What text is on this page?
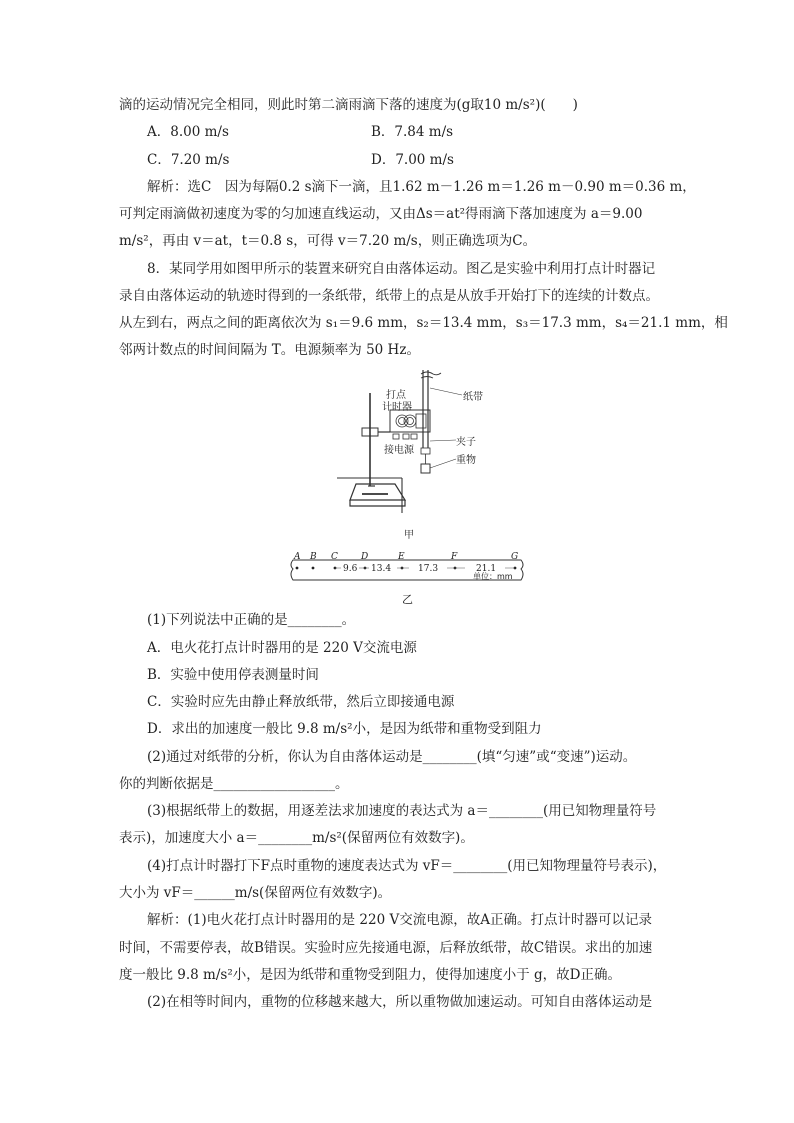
滴的运动情况完全相同，则此时第二滴雨滴下落的速度为(g取10 m/s²)(　　)
A．8.00 m/s	B．7.84 m/s
C．7.20 m/s	D．7.00 m/s
解析：选C　因为每隔0.2 s滴下一滴，且1.62 m－1.26 m＝1.26 m－0.90 m＝0.36 m，
可判定雨滴做初速度为零的匀加速直线运动，又由Δs＝at²得雨滴下落加速度为 a＝9.00
m/s²，再由 v＝at，t＝0.8 s，可得 v＝7.20 m/s，则正确选项为C。
8．某同学用如图甲所示的装置来研究自由落体运动。图乙是实验中利用打点计时器记
录自由落体运动的轨迹时得到的一条纸带，纸带上的点是从放手开始打下的连续的计数点。
从左到右，两点之间的距离依次为 s₁＝9.6 mm，s₂＝13.4 mm，s₃＝17.3 mm，s₄＝21.1 mm，相
邻两计数点的时间间隔为 T。电源频率为 50 Hz。
打点
计时器
纸带
夹子
接电源
重物
甲
A B C	D	E	F	G
9.6 13.4	17.3	21.1
单位：mm
乙
(1)下列说法中正确的是________。
A．电火花打点计时器用的是 220 V交流电源
B．实验中使用停表测量时间
C．实验时应先由静止释放纸带，然后立即接通电源
D．求出的加速度一般比 9.8 m/s²小，是因为纸带和重物受到阻力
(2)通过对纸带的分析，你认为自由落体运动是________(填“匀速”或“变速”)运动。
你的判断依据是__________________。
(3)根据纸带上的数据，用逐差法求加速度的表达式为 a＝________(用已知物理量符号
表示)，加速度大小 a＝________m/s²(保留两位有效数字)。
(4)打点计时器打下F点时重物的速度表达式为 vF＝________(用已知物理量符号表示)，
大小为 vF＝______m/s(保留两位有效数字)。
解析：(1)电火花打点计时器用的是 220 V交流电源，故A正确。打点计时器可以记录
时间，不需要停表，故B错误。实验时应先接通电源，后释放纸带，故C错误。求出的加速
度一般比 9.8 m/s²小，是因为纸带和重物受到阻力，使得加速度小于 g，故D正确。
(2)在相等时间内，重物的位移越来越大，所以重物做加速运动。可知自由落体运动是
